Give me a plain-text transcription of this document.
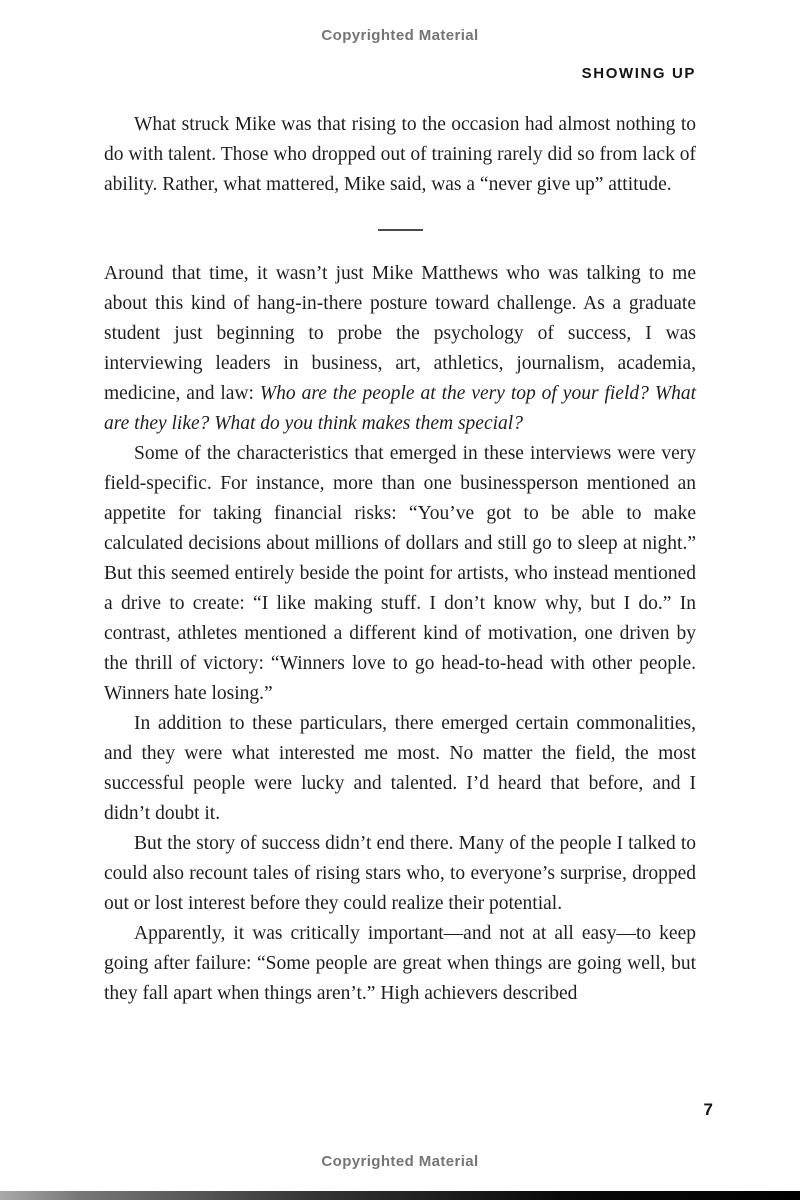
Copyrighted Material
SHOWING UP

What struck Mike was that rising to the occasion had almost nothing to do with talent. Those who dropped out of training rarely did so from lack of ability. Rather, what mattered, Mike said, was a “never give up” attitude.

Around that time, it wasn’t just Mike Matthews who was talking to me about this kind of hang-in-there posture toward challenge. As a graduate student just beginning to probe the psychology of success, I was interviewing leaders in business, art, athletics, journalism, academia, medicine, and law: Who are the people at the very top of your field? What are they like? What do you think makes them special?

Some of the characteristics that emerged in these interviews were very field-specific. For instance, more than one businessperson mentioned an appetite for taking financial risks: “You’ve got to be able to make calculated decisions about millions of dollars and still go to sleep at night.” But this seemed entirely beside the point for artists, who instead mentioned a drive to create: “I like making stuff. I don’t know why, but I do.” In contrast, athletes mentioned a different kind of motivation, one driven by the thrill of victory: “Winners love to go head-to-head with other people. Winners hate losing.”

In addition to these particulars, there emerged certain commonalities, and they were what interested me most. No matter the field, the most successful people were lucky and talented. I’d heard that before, and I didn’t doubt it.

But the story of success didn’t end there. Many of the people I talked to could also recount tales of rising stars who, to everyone’s surprise, dropped out or lost interest before they could realize their potential.

Apparently, it was critically important—and not at all easy—to keep going after failure: “Some people are great when things are going well, but they fall apart when things aren’t.” High achievers described

7
Copyrighted Material
